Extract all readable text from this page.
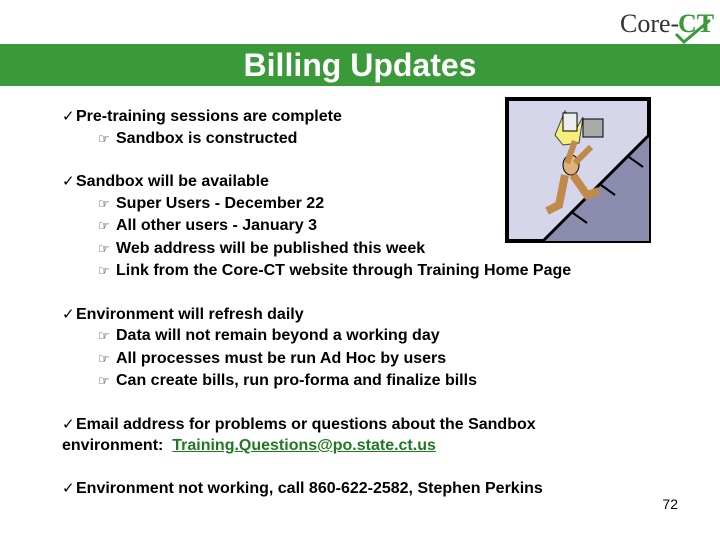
Core-
CT
Billing Updates
✓Pre-training sessions are complete
☞ Sandbox is constructed
✓Sandbox will be available
☞ Super Users - December 22
☞ All other users - January 3
☞ Web address will be published this week
☞ Link from the Core-CT website through Training Home Page
✓Environment will refresh daily
☞ Data will not remain beyond a working day
☞ All processes must be run Ad Hoc by users
☞ Can create bills, run pro-forma and finalize bills
✓Email address for problems or questions about the Sandbox
environment:  Training.Questions@po.state.ct.us
✓Environment not working, call 860-622-2582, Stephen Perkins
72
